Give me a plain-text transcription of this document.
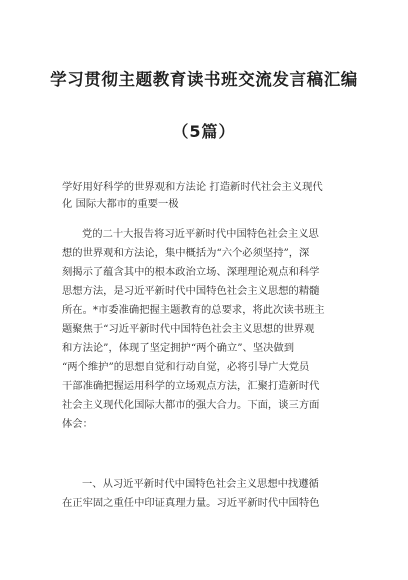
学习贯彻主题教育读书班交流发言稿汇编
（5篇）
学好用好科学的世界观和方法论 打造新时代社会主义现代
化 国际大都市的重要一极
党的二十大报告将习近平新时代中国特色社会主义思
想的世界观和方法论，集中概括为“六个必须坚持”，深
刻揭示了蕴含其中的根本政治立场、深理理论观点和科学
思想方法，是习近平新时代中国特色社会主义思想的精髓
所在。*市委准确把握主题教育的总要求，将此次读书班主
题聚焦于“习近平新时代中国特色社会主义思想的世界观
和方法论”，体现了坚定拥护“两个确立”、坚决做到
“两个维护”的思想自觉和行动自觉，必将引导广大党员
干部准确把握运用科学的立场观点方法，汇聚打造新时代
社会主义现代化国际大都市的强大合力。下面，谈三方面
体会：
一、从习近平新时代中国特色社会主义思想中找遵循
在正牢固之重任中印证真理力量。习近平新时代中国特色
